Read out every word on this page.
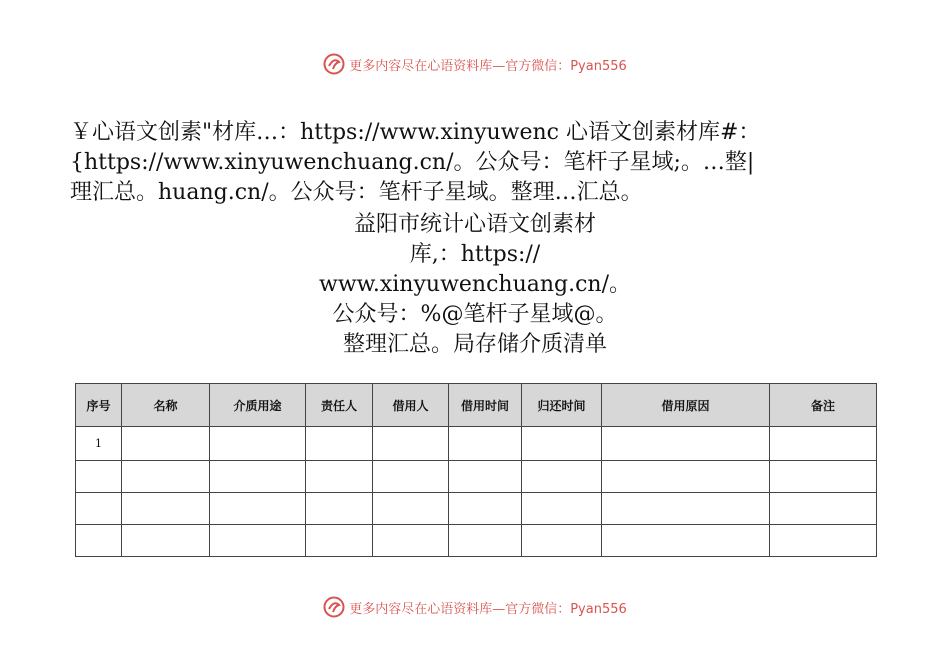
更多内容尽在心语资料库— 官方微信：Pyan556
￥心语文创素"材库…：https://www.xinyuwenc 心语文创素材库#：
{https://www.xinyuwenchuang.cn/。公众号：笔杆子星域;。…整|
理汇总。huang.cn/。公众号：笔杆子星域。整理…汇总。
益阳市统计心语文创素材
库,：https://
www.xinyuwenchuang.cn/。
公众号：%@笔杆子星域@。
整理汇总。局存储介质清单
序号	名称	介质用途	责任人	借用人	借用时间	归还时间	借用原因	备注
1								

更多内容尽在心语资料库— 官方微信：Pyan556
